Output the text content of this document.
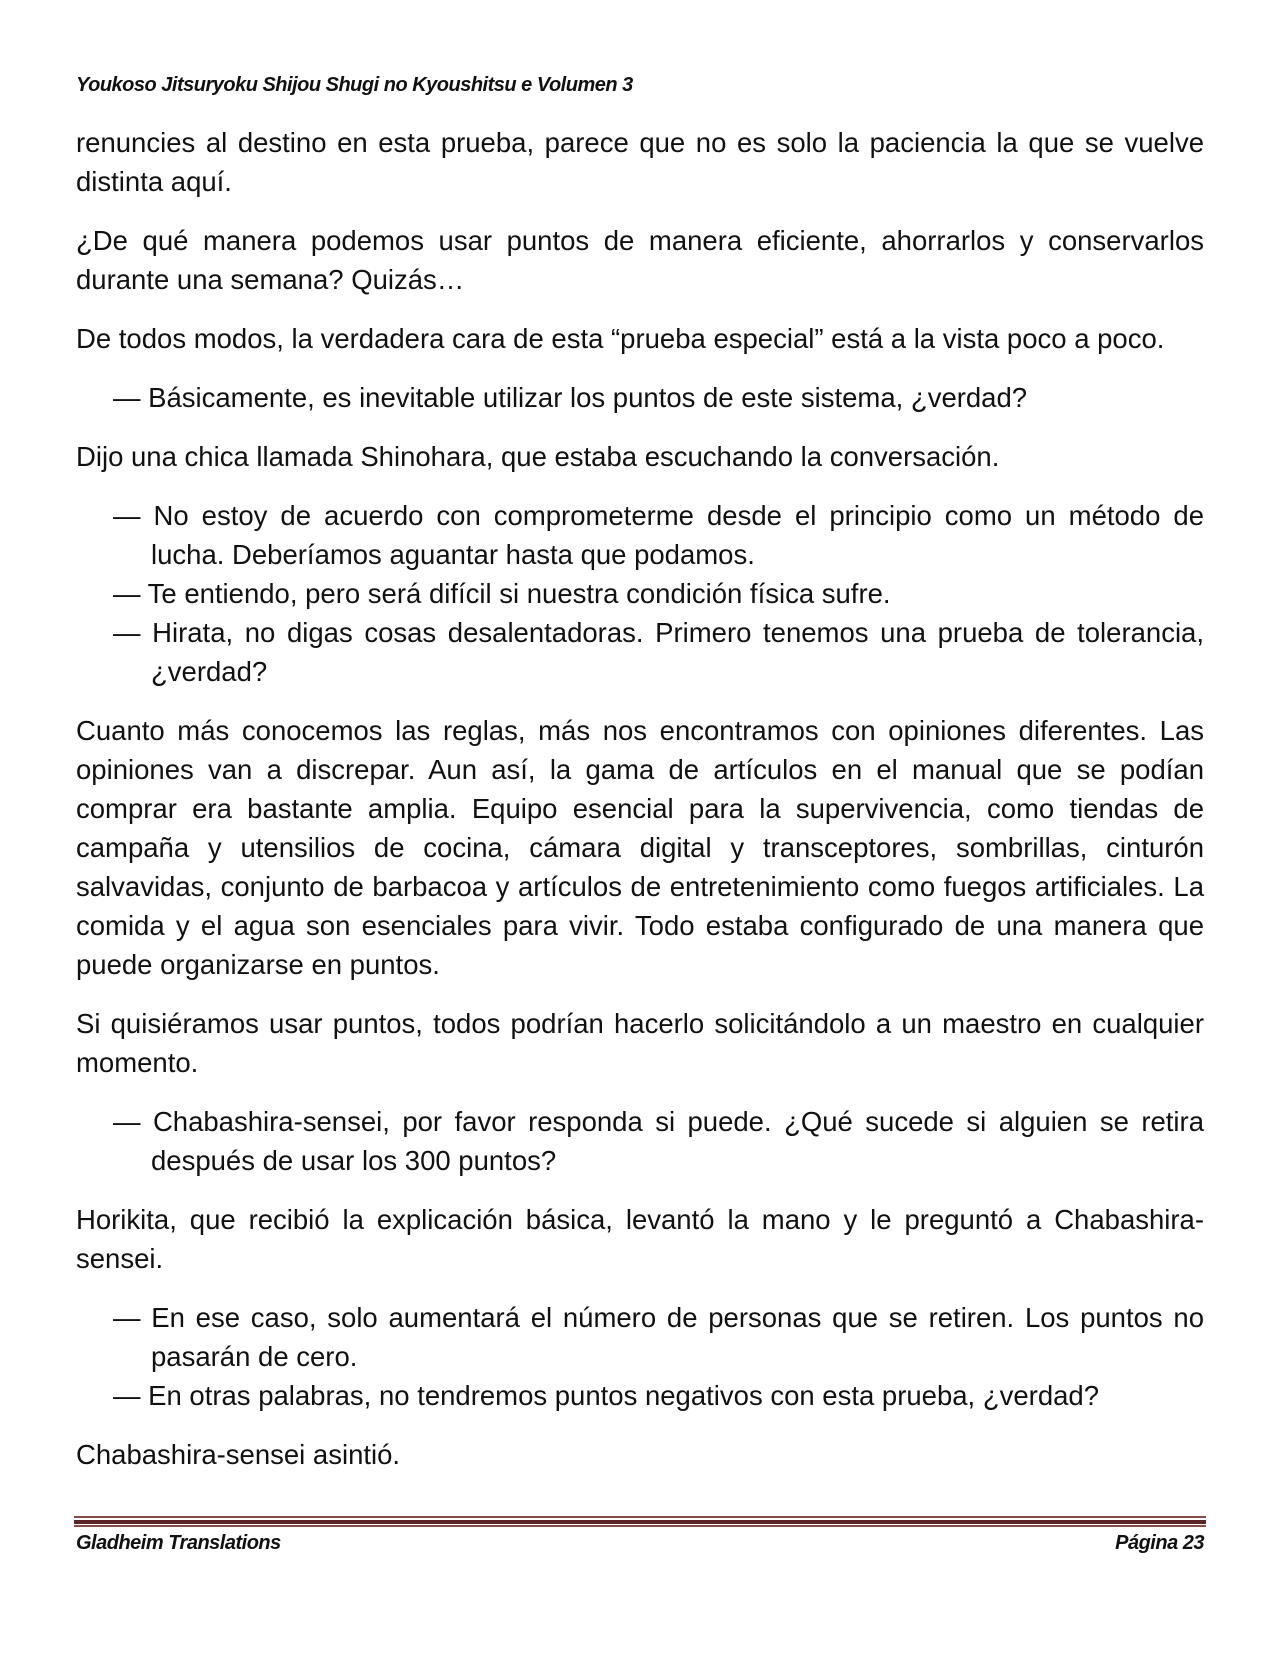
Youkoso Jitsuryoku Shijou Shugi no Kyoushitsu e Volumen 3

renuncies al destino en esta prueba, parece que no es solo la paciencia la que se vuelve distinta aquí.

¿De qué manera podemos usar puntos de manera eficiente, ahorrarlos y conservarlos durante una semana? Quizás…

De todos modos, la verdadera cara de esta “prueba especial” está a la vista poco a poco.

— Básicamente, es inevitable utilizar los puntos de este sistema, ¿verdad?

Dijo una chica llamada Shinohara, que estaba escuchando la conversación.

— No estoy de acuerdo con comprometerme desde el principio como un método de lucha. Deberíamos aguantar hasta que podamos.

— Te entiendo, pero será difícil si nuestra condición física sufre.

— Hirata, no digas cosas desalentadoras. Primero tenemos una prueba de tolerancia, ¿verdad?

Cuanto más conocemos las reglas, más nos encontramos con opiniones diferentes. Las opiniones van a discrepar. Aun así, la gama de artículos en el manual que se podían comprar era bastante amplia. Equipo esencial para la supervivencia, como tiendas de campaña y utensilios de cocina, cámara digital y transceptores, sombrillas, cinturón salvavidas, conjunto de barbacoa y artículos de entretenimiento como fuegos artificiales. La comida y el agua son esenciales para vivir. Todo estaba configurado de una manera que puede organizarse en puntos.

Si quisiéramos usar puntos, todos podrían hacerlo solicitándolo a un maestro en cualquier momento.

— Chabashira-sensei, por favor responda si puede. ¿Qué sucede si alguien se retira después de usar los 300 puntos?

Horikita, que recibió la explicación básica, levantó la mano y le preguntó a Chabashira-sensei.

— En ese caso, solo aumentará el número de personas que se retiren. Los puntos no pasarán de cero.

— En otras palabras, no tendremos puntos negativos con esta prueba, ¿verdad?

Chabashira-sensei asintió.

Gladheim Translations	Página 23
